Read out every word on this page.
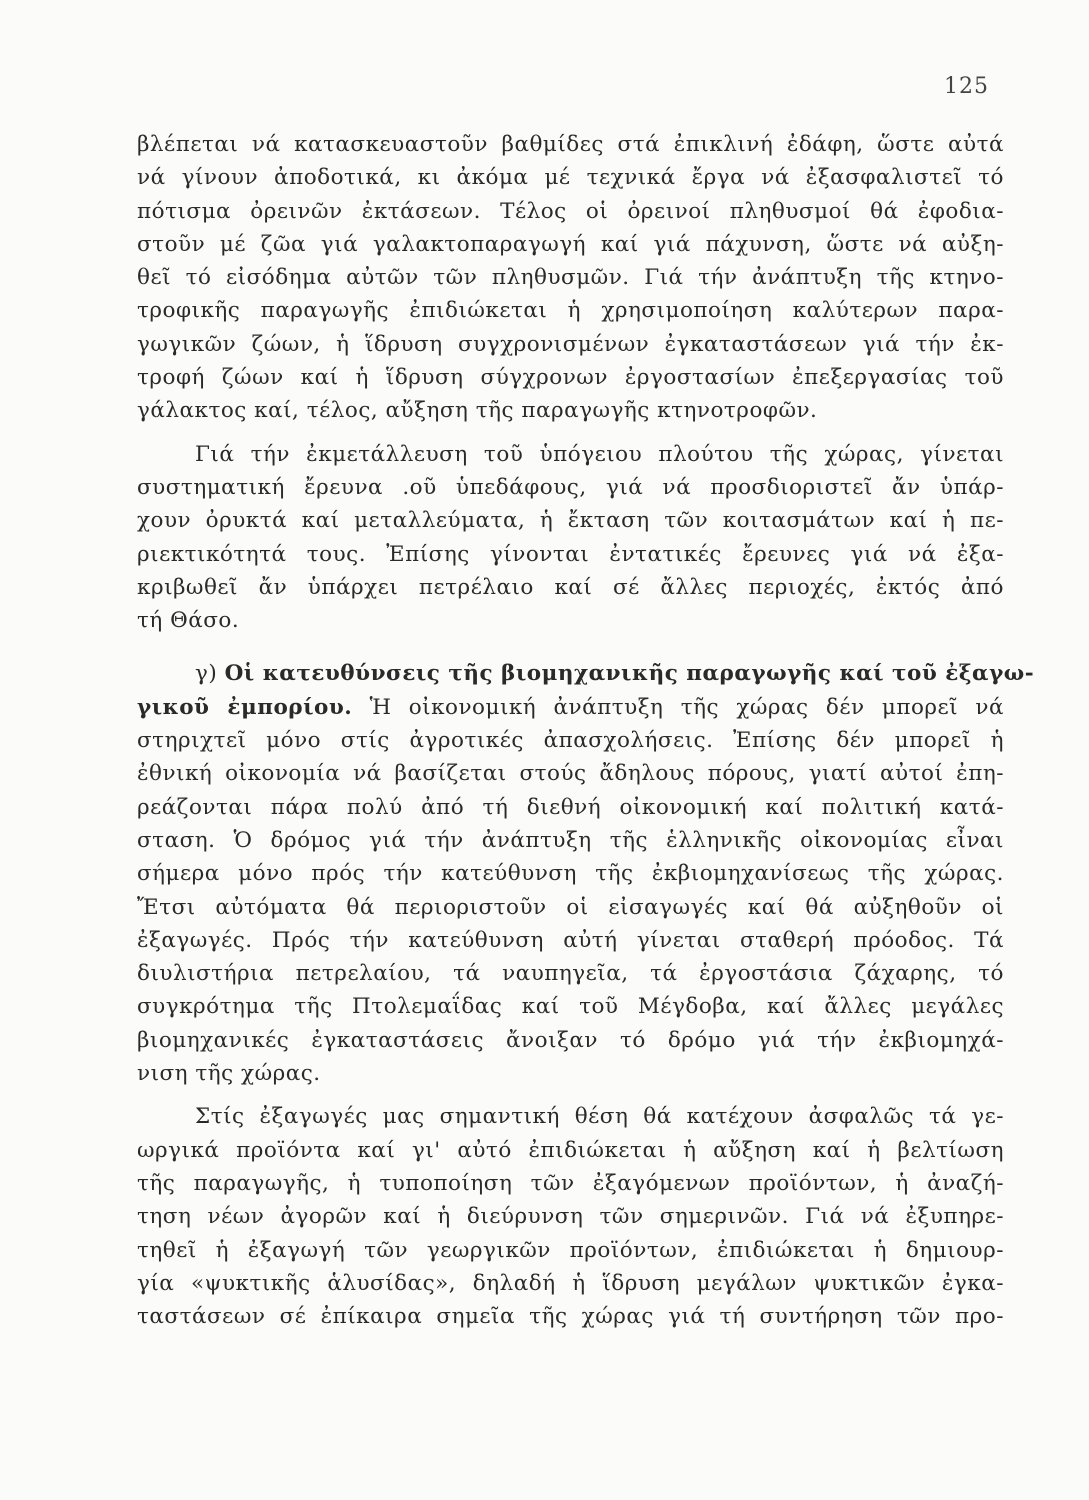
125
βλέπεται νά κατασκευαστοῦν βαθμίδες στά ἐπικλινή ἐδάφη, ὥστε αὐτά
νά γίνουν ἀποδοτικά, κι ἀκόμα μέ τεχνικά ἔργα νά ἐξασφαλιστεῖ τό
πότισμα ὀρεινῶν ἐκτάσεων. Τέλος οἱ ὀρεινοί πληθυσμοί θά ἐφοδια-
στοῦν μέ ζῶα γιά γαλακτοπαραγωγή καί γιά πάχυνση, ὥστε νά αὐξη-
θεῖ τό εἰσόδημα αὐτῶν τῶν πληθυσμῶν. Γιά τήν ἀνάπτυξη τῆς κτηνο-
τροφικῆς παραγωγῆς ἐπιδιώκεται ἡ χρησιμοποίηση καλύτερων παρα-
γωγικῶν ζώων, ἡ ἵδρυση συγχρονισμένων ἐγκαταστάσεων γιά τήν ἐκ-
τροφή ζώων καί ἡ ἵδρυση σύγχρονων ἐργοστασίων ἐπεξεργασίας τοῦ
γάλακτος καί, τέλος, αὔξηση τῆς παραγωγῆς κτηνοτροφῶν.
Γιά τήν ἐκμετάλλευση τοῦ ὑπόγειου πλούτου τῆς χώρας, γίνεται
συστηματική ἔρευνα .οῦ ὑπεδάφους, γιά νά προσδιοριστεῖ ἄν ὑπάρ-
χουν ὀρυκτά καί μεταλλεύματα, ἡ ἔκταση τῶν κοιτασμάτων καί ἡ πε-
ριεκτικότητά τους. Ἐπίσης γίνονται ἐντατικές ἔρευνες γιά νά ἐξα-
κριβωθεῖ ἄν ὑπάρχει πετρέλαιο καί σέ ἄλλες περιοχές, ἐκτός ἀπό
τή Θάσο.
γ) Οἱ κατευθύνσεις τῆς βιομηχανικῆς παραγωγῆς καί τοῦ ἐξαγω-
γικοῦ ἐμπορίου. Ἡ οἰκονομική ἀνάπτυξη τῆς χώρας δέν μπορεῖ νά
στηριχτεῖ μόνο στίς ἀγροτικές ἀπασχολήσεις. Ἐπίσης δέν μπορεῖ ἡ
ἐθνική οἰκονομία νά βασίζεται στούς ἄδηλους πόρους, γιατί αὐτοί ἐπη-
ρεάζονται πάρα πολύ ἀπό τή διεθνή οἰκονομική καί πολιτική κατά-
σταση. Ὁ δρόμος γιά τήν ἀνάπτυξη τῆς ἑλληνικῆς οἰκονομίας εἶναι
σήμερα μόνο πρός τήν κατεύθυνση τῆς ἐκβιομηχανίσεως τῆς χώρας.
Ἔτσι αὐτόματα θά περιοριστοῦν οἱ εἰσαγωγές καί θά αὐξηθοῦν οἱ
ἐξαγωγές. Πρός τήν κατεύθυνση αὐτή γίνεται σταθερή πρόοδος. Τά
διυλιστήρια πετρελαίου, τά ναυπηγεῖα, τά ἐργοστάσια ζάχαρης, τό
συγκρότημα τῆς Πτολεμαΐδας καί τοῦ Μέγδοβα, καί ἄλλες μεγάλες
βιομηχανικές ἐγκαταστάσεις ἄνοιξαν τό δρόμο γιά τήν ἐκβιομηχά-
νιση τῆς χώρας.
Στίς ἐξαγωγές μας σημαντική θέση θά κατέχουν ἀσφαλῶς τά γε-
ωργικά προϊόντα καί γι' αὐτό ἐπιδιώκεται ἡ αὔξηση καί ἡ βελτίωση
τῆς παραγωγῆς, ἡ τυποποίηση τῶν ἐξαγόμενων προϊόντων, ἡ ἀναζή-
τηση νέων ἀγορῶν καί ἡ διεύρυνση τῶν σημερινῶν. Γιά νά ἐξυπηρε-
τηθεῖ ἡ ἐξαγωγή τῶν γεωργικῶν προϊόντων, ἐπιδιώκεται ἡ δημιουρ-
γία «ψυκτικῆς ἁλυσίδας», δηλαδή ἡ ἵδρυση μεγάλων ψυκτικῶν ἐγκα-
ταστάσεων σέ ἐπίκαιρα σημεῖα τῆς χώρας γιά τή συντήρηση τῶν προ-
